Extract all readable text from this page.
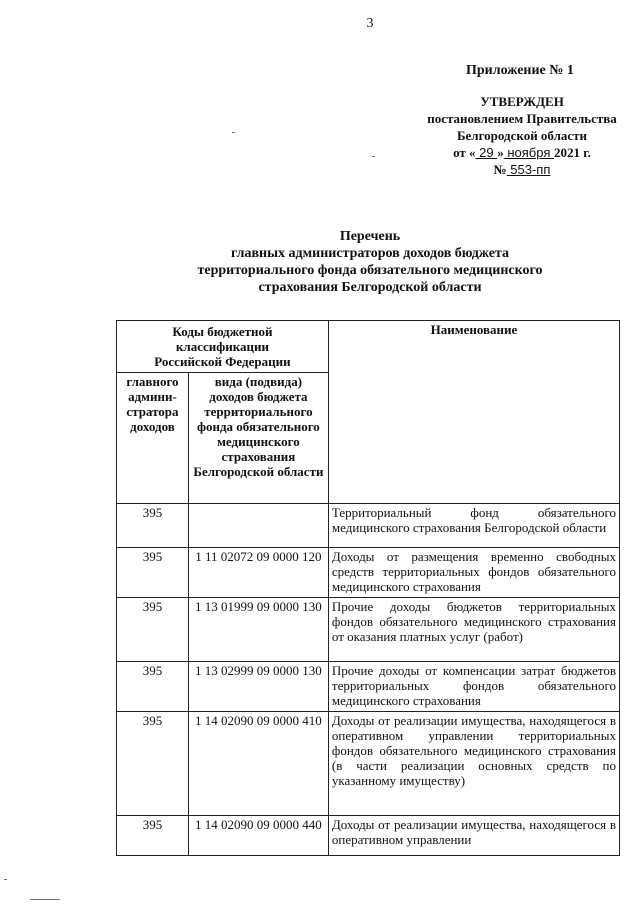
3
Приложение № 1
УТВЕРЖДЕН
постановлением Правительства
Белгородской области
от « 29 » ноября 2021 г.
№ 553-пп
Перечень
главных администраторов доходов бюджета
территориального фонда обязательного медицинского
страхования Белгородской области
Коды бюджетной классификации Российской Федерации		Наименование
главного админи-стратора доходов	вида (подвида) доходов бюджета территориального фонда обязательного медицинского страхования Белгородской области	
395		Территориальный фонд обязательного медицинского страхования Белгородской области
395	1 11 02072 09 0000 120	Доходы от размещения временно свободных средств территориальных фондов обязательного медицинского страхования
395	1 13 01999 09 0000 130	Прочие доходы бюджетов территориальных фондов обязательного медицинского страхования от оказания платных услуг (работ)
395	1 13 02999 09 0000 130	Прочие доходы от компенсации затрат бюджетов территориальных фондов обязательного медицинского страхования
395	1 14 02090 09 0000 410	Доходы от реализации имущества, находящегося в оперативном управлении территориальных фондов обязательного медицинского страхования (в части реализации основных средств по указанному имуществу)
395	1 14 02090 09 0000 440	Доходы от реализации имущества, находящегося в оперативном управлении
